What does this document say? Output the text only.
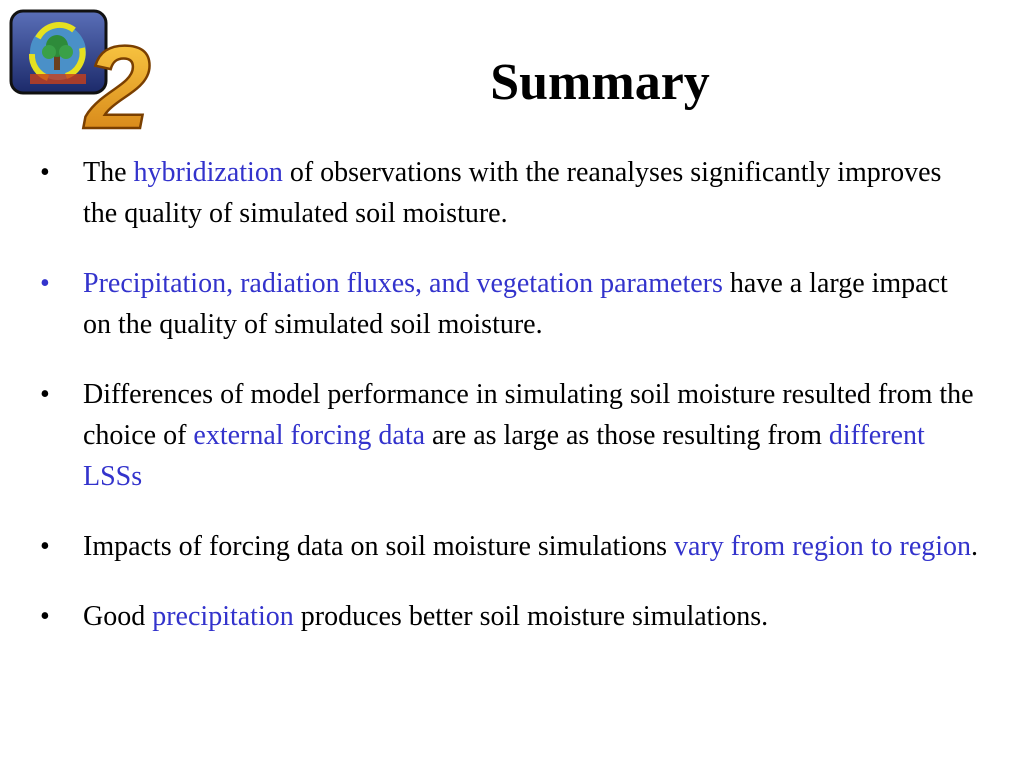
2	Summary
•	The hybridization of observations with the reanalyses significantly improves the quality of simulated soil moisture.
•	Precipitation, radiation fluxes, and vegetation parameters have a large impact on the quality of simulated soil moisture.
•	Differences of model performance in simulating soil moisture resulted from the choice of external forcing data are as large as those resulting from different LSSs
•	Impacts of forcing data on soil moisture simulations vary from region to region.
•	Good precipitation produces better soil moisture simulations.
